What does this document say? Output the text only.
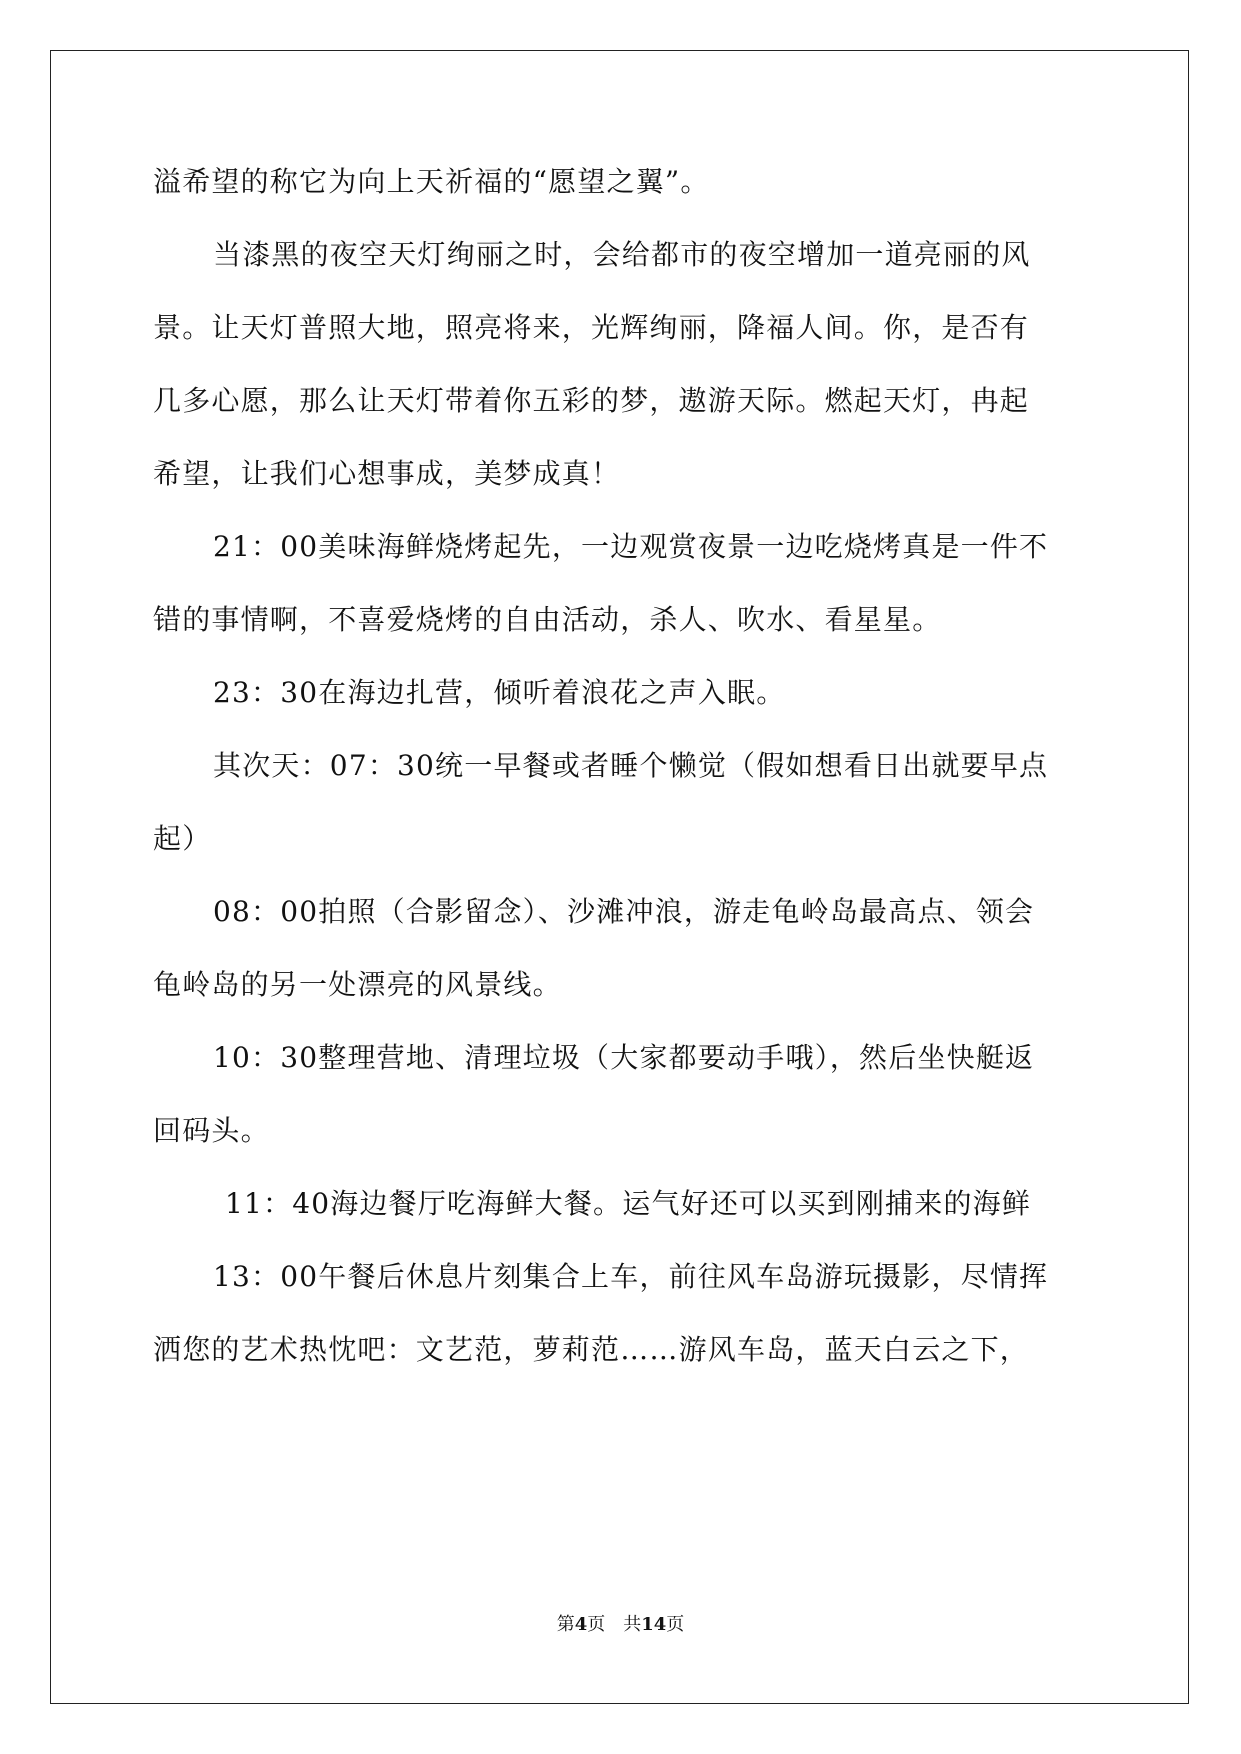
溢希望的称它为向上天祈福的“愿望之翼”。
当漆黑的夜空天灯绚丽之时，会给都市的夜空增加一道亮丽的风
景。让天灯普照大地，照亮将来，光辉绚丽，降福人间。你，是否有
几多心愿，那么让天灯带着你五彩的梦，遨游天际。燃起天灯，冉起
希望，让我们心想事成，美梦成真！
21：00美味海鲜烧烤起先，一边观赏夜景一边吃烧烤真是一件不
错的事情啊，不喜爱烧烤的自由活动，杀人、吹水、看星星。
23：30在海边扎营，倾听着浪花之声入眠。
其次天：07：30统一早餐或者睡个懒觉（假如想看日出就要早点
起）
08：00拍照（合影留念）、沙滩冲浪，游走龟岭岛最高点、领会
龟岭岛的另一处漂亮的风景线。
10：30整理营地、清理垃圾（大家都要动手哦），然后坐快艇返
回码头。
11：40海边餐厅吃海鲜大餐。运气好还可以买到刚捕来的海鲜
13：00午餐后休息片刻集合上车，前往风车岛游玩摄影，尽情挥
洒您的艺术热忱吧：文艺范，萝莉范……游风车岛，蓝天白云之下，
第4页　共14页
